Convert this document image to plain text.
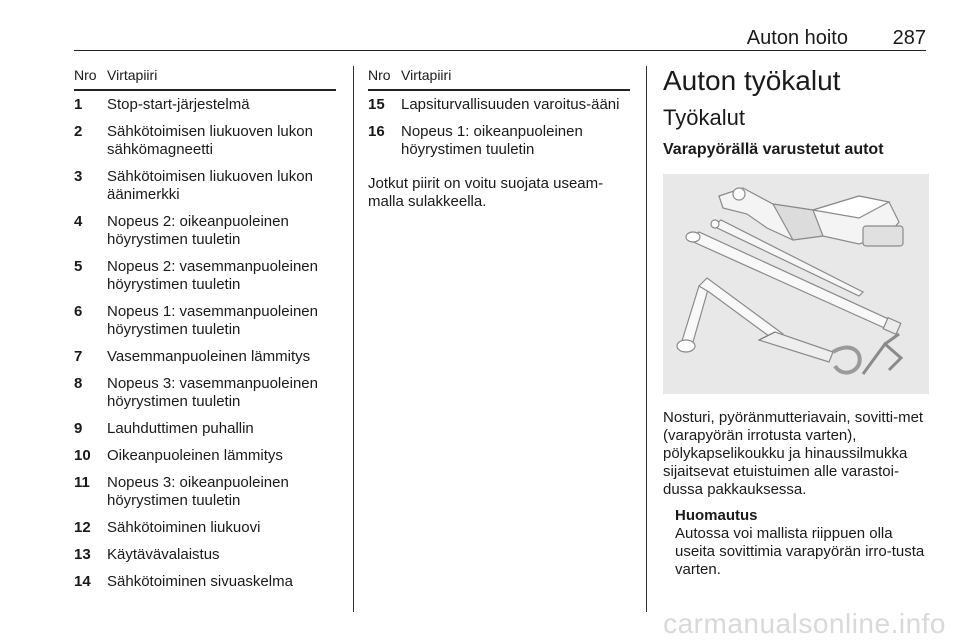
Auton hoito 287
Nro	Virtapiiri
1	Stop-start-järjestelmä
2	Sähkötoimisen liukuoven lukon sähkömagneetti
3	Sähkötoimisen liukuoven lukon äänimerkki
4	Nopeus 2: oikeanpuoleinen höyrystimen tuuletin
5	Nopeus 2: vasemmanpuoleinen höyrystimen tuuletin
6	Nopeus 1: vasemmanpuoleinen höyrystimen tuuletin
7	Vasemmanpuoleinen lämmitys
8	Nopeus 3: vasemmanpuoleinen höyrystimen tuuletin
9	Lauhduttimen puhallin
10	Oikeanpuoleinen lämmitys
11	Nopeus 3: oikeanpuoleinen höyrystimen tuuletin
12	Sähkötoiminen liukuovi
13	Käytävävalaistus
14	Sähkötoiminen sivuaskelma
Nro	Virtapiiri
15	Lapsiturvallisuuden varoitus-ääni
16	Nopeus 1: oikeanpuoleinen höyrystimen tuuletin
Jotkut piirit on voitu suojata useam-malla sulakkeella.
Auton työkalut
Työkalut
Varapyörällä varustetut autot
Nosturi, pyöränmutteriavain, sovitti-met (varapyörän irrotusta varten), pölykapselikoukku ja hinaussilmukka sijaitsevat etuistuimen alle varastoi-dussa pakkauksessa.
Huomautus
Autossa voi mallista riippuen olla useita sovittimia varapyörän irro-tusta varten.
carmanualsonline.info
